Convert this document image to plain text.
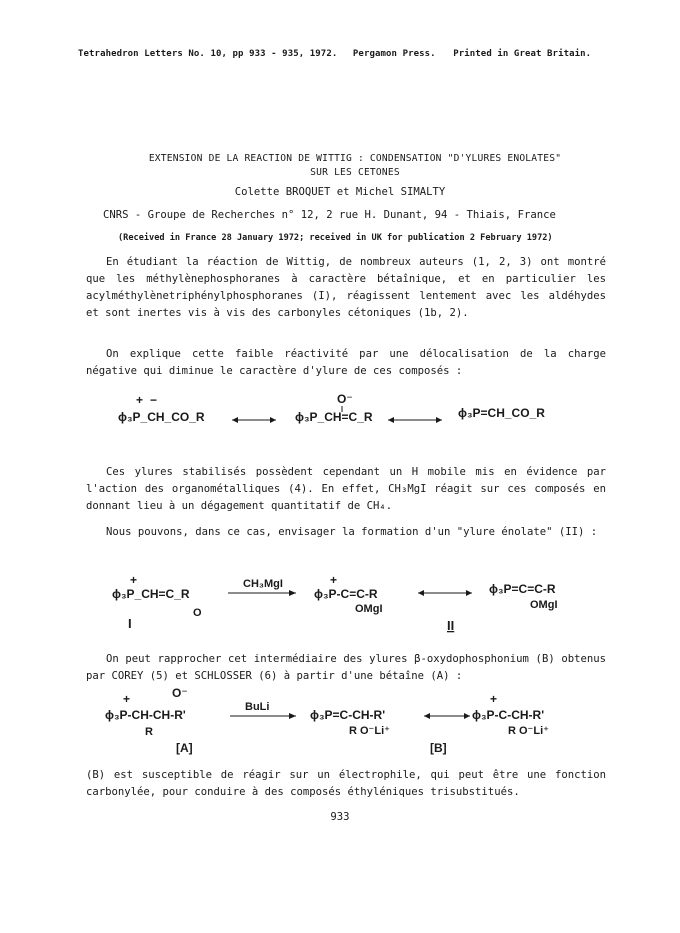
Tetrahedron Letters No. 10, pp 933 - 935, 1972. Pergamon Press. Printed in Great Britain.
EXTENSION DE LA REACTION DE WITTIG : CONDENSATION "D'YLURES ENOLATES"
SUR LES CETONES
Colette BROQUET et Michel SIMALTY
CNRS - Groupe de Recherches n° 12, 2 rue H. Dunant, 94 - Thiais, France
(Received in France 28 January 1972; received in UK for publication 2 February 1972)
En étudiant la réaction de Wittig, de nombreux auteurs (1, 2, 3) ont montré que les méthylènephosphoranes à caractère bétaînique, et en particulier les acylméthylènetriphénylphosphoranes (I), réagissent lentement avec les aldéhydes et sont inertes vis à vis des carbonyles cétoniques (1b, 2).
On explique cette faible réactivité par une délocalisation de la charge négative qui diminue le caractère d'ylure de ces composés :
+ −
ϕ₃P_CH_CO_R
O⁻
ϕ₃P_CH=C_R	ϕ₃P=CH_CO_R
+
ϕ₃P_CH=C_R
O
I
CH₃MgI	+
ϕ₃P-C=C-R
OMgI
ϕ₃P=C=C-R
OMgI
II
+	O⁻
ϕ₃P-CH-CH-R'
R
[A]
BuLi
ϕ₃P=C-CH-R'
R O⁻Li⁺
+
ϕ₃P-C-CH-R'
R O⁻Li⁺
[B]
Ces ylures stabilisés possèdent cependant un H mobile mis en évidence par l'action des organométalliques (4). En effet, CH₃MgI réagit sur ces composés en donnant lieu à un dégagement quantitatif de CH₄.
Nous pouvons, dans ce cas, envisager la formation d'un "ylure énolate" (II) :
On peut rapprocher cet intermédiaire des ylures β-oxydophosphonium (B) obtenus par COREY (5) et SCHLOSSER (6) à partir d'une bétaîne (A) :
(B) est susceptible de réagir sur un électrophile, qui peut être une fonction carbonylée, pour conduire à des composés éthyléniques trisubstitués.
933
